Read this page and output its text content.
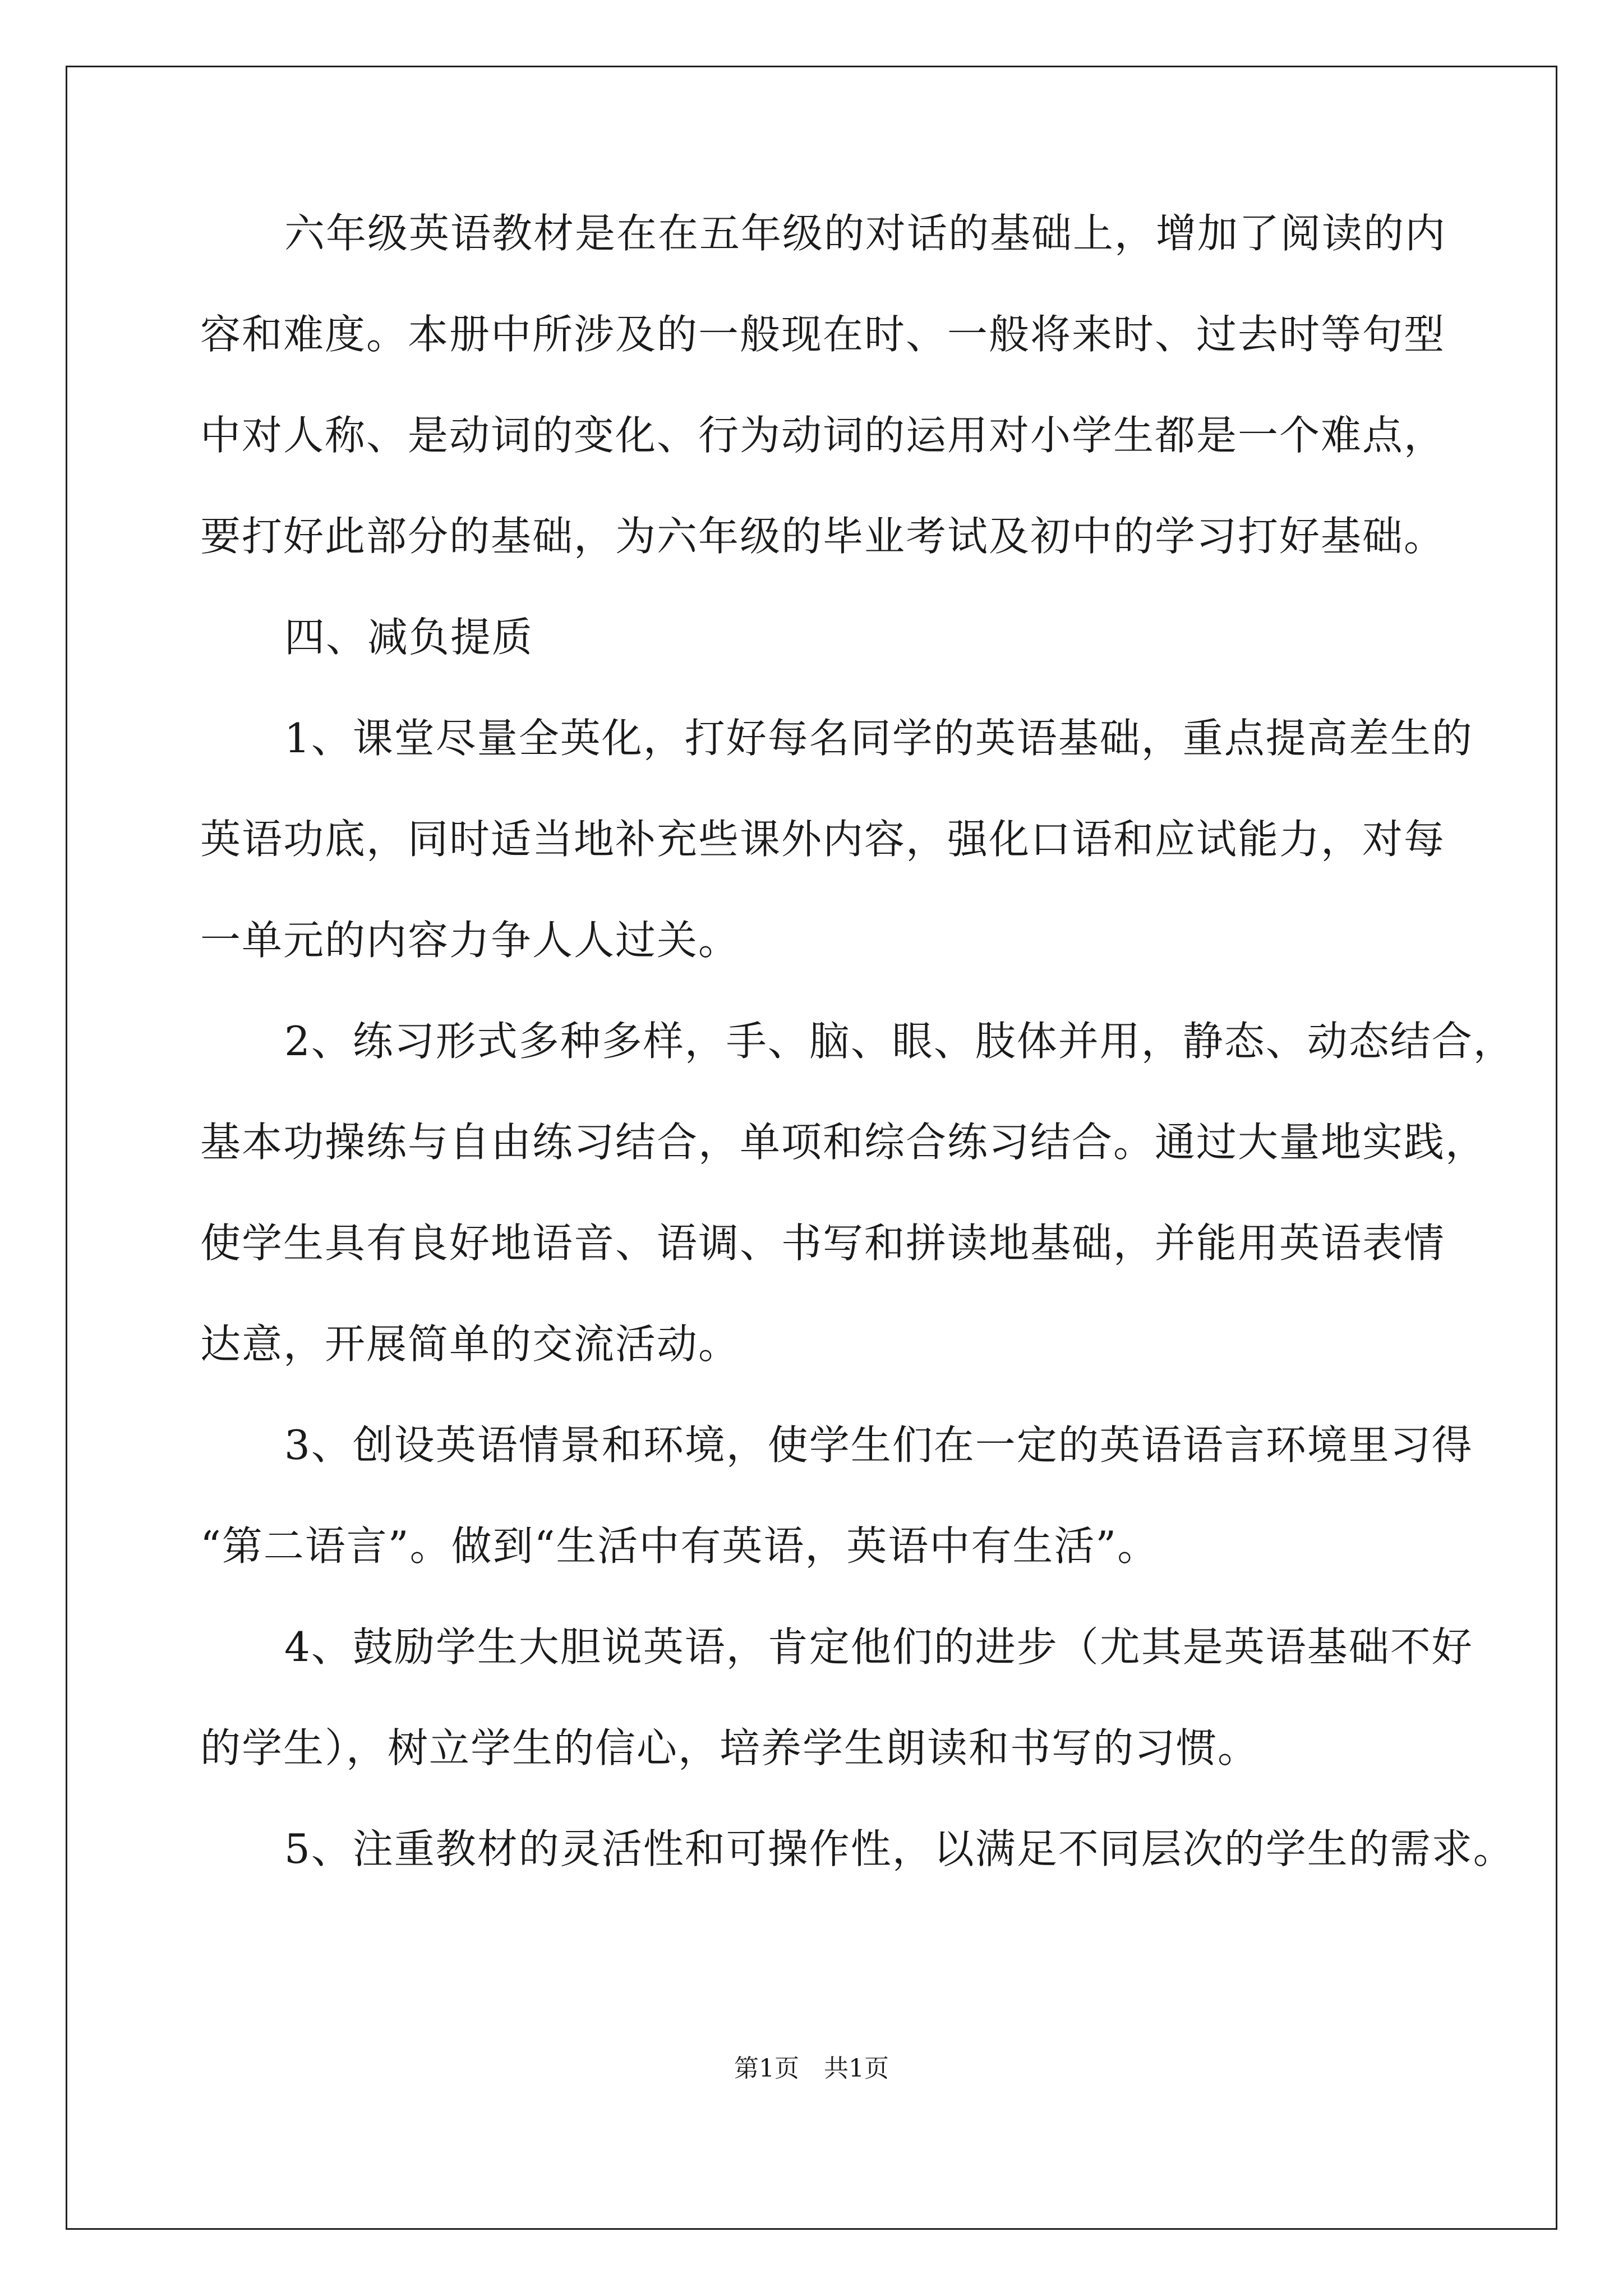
六年级英语教材是在在五年级的对话的基础上，增加了阅读的内
容和难度。本册中所涉及的一般现在时、一般将来时、过去时等句型
中对人称、是动词的变化、行为动词的运用对小学生都是一个难点，
要打好此部分的基础，为六年级的毕业考试及初中的学习打好基础。
四、减负提质
1、课堂尽量全英化，打好每名同学的英语基础，重点提高差生的
英语功底，同时适当地补充些课外内容，强化口语和应试能力，对每
一单元的内容力争人人过关。
2、练习形式多种多样，手、脑、眼、肢体并用，静态、动态结合，
基本功操练与自由练习结合，单项和综合练习结合。通过大量地实践，
使学生具有良好地语音、语调、书写和拼读地基础，并能用英语表情
达意，开展简单的交流活动。
3、创设英语情景和环境，使学生们在一定的英语语言环境里习得
“第二语言”。做到“生活中有英语，英语中有生活”。
4、鼓励学生大胆说英语，肯定他们的进步（尤其是英语基础不好
的学生），树立学生的信心，培养学生朗读和书写的习惯。
5、注重教材的灵活性和可操作性，以满足不同层次的学生的需求。
第1页　共1页
